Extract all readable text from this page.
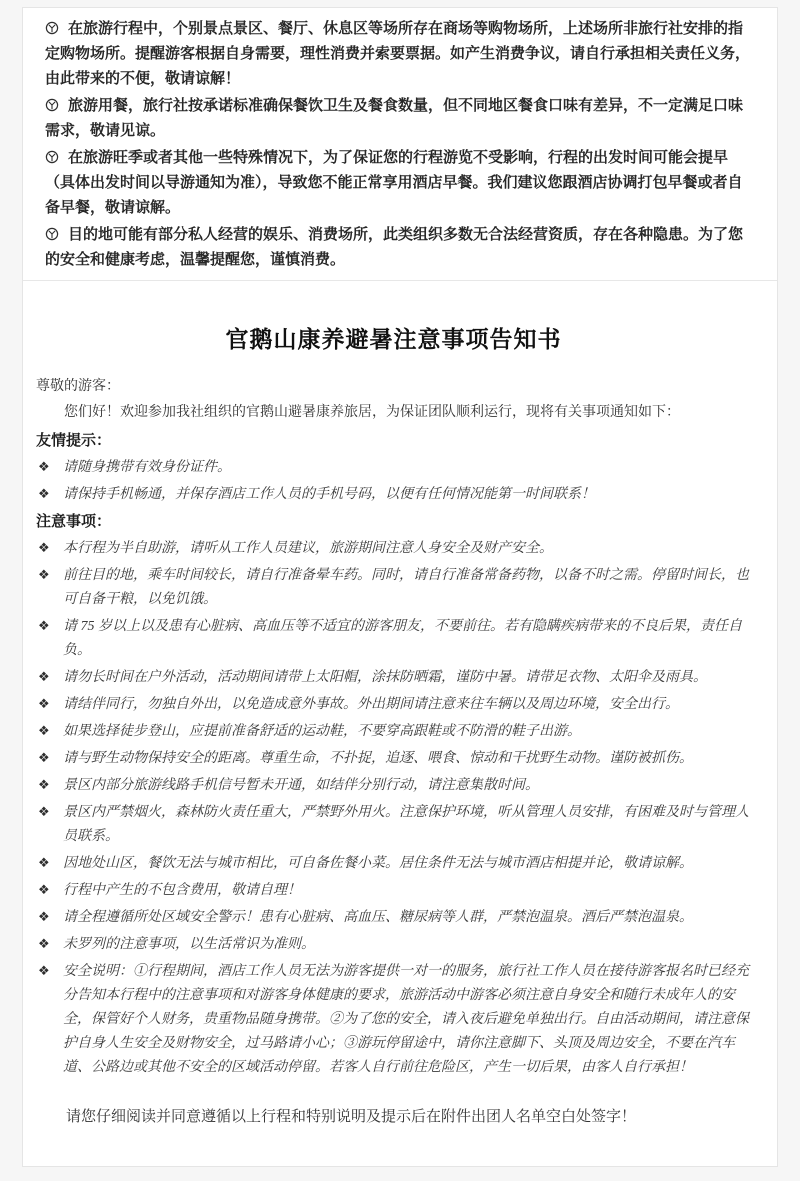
在旅游行程中，个别景点景区、餐厅、休息区等场所存在商场等购物场所，上述场所非旅行社安排的指定购物场所。提醒游客根据自身需要，理性消费并索要票据。如产生消费争议，请自行承担相关责任义务，由此带来的不便，敬请谅解！

旅游用餐，旅行社按承诺标准确保餐饮卫生及餐食数量，但不同地区餐食口味有差异，不一定满足口味需求，敬请见谅。

在旅游旺季或者其他一些特殊情况下，为了保证您的行程游览不受影响，行程的出发时间可能会提早（具体出发时间以导游通知为准），导致您不能正常享用酒店早餐。我们建议您跟酒店协调打包早餐或者自备早餐，敬请谅解。

目的地可能有部分私人经营的娱乐、消费场所，此类组织多数无合法经营资质，存在各种隐患。为了您的安全和健康考虑，温馨提醒您，谨慎消费。

官鹅山康养避暑注意事项告知书

尊敬的游客：

您们好！欢迎参加我社组织的官鹅山避暑康养旅居，为保证团队顺利运行，现将有关事项通知如下：

友情提示：

❖ 请随身携带有效身份证件。

❖ 请保持手机畅通，并保存酒店工作人员的手机号码，以便有任何情况能第一时间联系！

注意事项：

❖ 本行程为半自助游，请听从工作人员建议，旅游期间注意人身安全及财产安全。

❖ 前往目的地，乘车时间较长，请自行准备晕车药。同时，请自行准备常备药物，以备不时之需。停留时间长，也可自备干粮，以免饥饿。

❖ 请 75 岁以上以及患有心脏病、高血压等不适宜的游客朋友，不要前往。若有隐瞒疾病带来的不良后果，责任自负。

❖ 请勿长时间在户外活动，活动期间请带上太阳帽，涂抹防晒霜，谨防中暑。请带足衣物、太阳伞及雨具。

❖ 请结伴同行，勿独自外出，以免造成意外事故。外出期间请注意来往车辆以及周边环境，安全出行。

❖ 如果选择徒步登山，应提前准备舒适的运动鞋，不要穿高跟鞋或不防滑的鞋子出游。

❖ 请与野生动物保持安全的距离。尊重生命，不扑捉，追逐、喂食、惊动和干扰野生动物。谨防被抓伤。

❖ 景区内部分旅游线路手机信号暂未开通，如结伴分别行动，请注意集散时间。

❖ 景区内严禁烟火，森林防火责任重大，严禁野外用火。注意保护环境，听从管理人员安排，有困难及时与管理人员联系。

❖ 因地处山区，餐饮无法与城市相比，可自备佐餐小菜。居住条件无法与城市酒店相提并论，敬请谅解。

❖ 行程中产生的不包含费用，敬请自理！

❖ 请全程遵循所处区域安全警示！患有心脏病、高血压、糖尿病等人群，严禁泡温泉。酒后严禁泡温泉。

❖ 未罗列的注意事项，以生活常识为准则。

❖ 安全说明：①行程期间，酒店工作人员无法为游客提供一对一的服务，旅行社工作人员在接待游客报名时已经充分告知本行程中的注意事项和对游客身体健康的要求，旅游活动中游客必须注意自身安全和随行未成年人的安全，保管好个人财务，贵重物品随身携带。②为了您的安全，请入夜后避免单独出行。自由活动期间，请注意保护自身人生安全及财物安全，过马路请小心；③游玩停留途中，请你注意脚下、头顶及周边安全，不要在汽车道、公路边或其他不安全的区域活动停留。若客人自行前往危险区，产生一切后果，由客人自行承担！

请您仔细阅读并同意遵循以上行程和特别说明及提示后在附件出团人名单空白处签字！
